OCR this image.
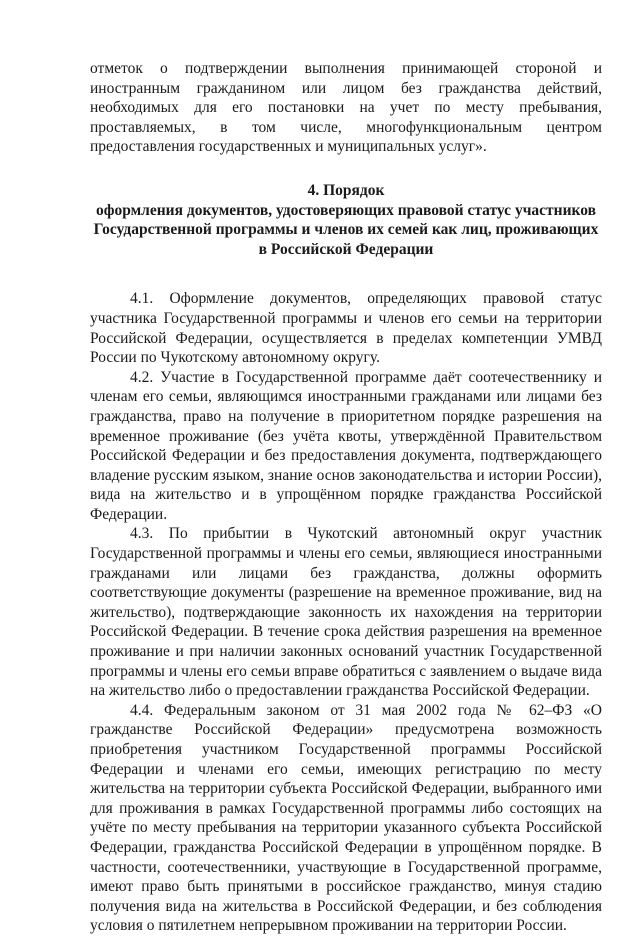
отметок о подтверждении выполнения принимающей стороной и иностранным гражданином или лицом без гражданства действий, необходимых для его постановки на учет по месту пребывания, проставляемых, в том числе, многофункциональным центром предоставления государственных и муниципальных услуг».

4. Порядок
оформления документов, удостоверяющих правовой статус участников
Государственной программы и членов их семей как лиц, проживающих
в Российской Федерации

4.1. Оформление документов, определяющих правовой статус участника Государственной программы и членов его семьи на территории Российской Федерации, осуществляется в пределах компетенции УМВД России по Чукотскому автономному округу.

4.2. Участие в Государственной программе даёт соотечественнику и членам его семьи, являющимся иностранными гражданами или лицами без гражданства, право на получение в приоритетном порядке разрешения на временное проживание (без учёта квоты, утверждённой Правительством Российской Федерации и без предоставления документа, подтверждающего владение русским языком, знание основ законодательства и истории России), вида на жительство и в упрощённом порядке гражданства Российской Федерации.

4.3. По прибытии в Чукотский автономный округ участник Государственной программы и члены его семьи, являющиеся иностранными гражданами или лицами без гражданства, должны оформить соответствующие документы (разрешение на временное проживание, вид на жительство), подтверждающие законность их нахождения на территории Российской Федерации. В течение срока действия разрешения на временное проживание и при наличии законных оснований участник Государственной программы и члены его семьи вправе обратиться с заявлением о выдаче вида на жительство либо о предоставлении гражданства Российской Федерации.

4.4. Федеральным законом от 31 мая 2002 года № 62–ФЗ «О гражданстве Российской Федерации» предусмотрена возможность приобретения участником Государственной программы Российской Федерации и членами его семьи, имеющих регистрацию по месту жительства на территории субъекта Российской Федерации, выбранного ими для проживания в рамках Государственной программы либо состоящих на учёте по месту пребывания на территории указанного субъекта Российской Федерации, гражданства Российской Федерации в упрощённом порядке. В частности, соотечественники, участвующие в Государственной программе, имеют право быть принятыми в российское гражданство, минуя стадию получения вида на жительства в Российской Федерации, и без соблюдения условия о пятилетнем непрерывном проживании на территории России.
